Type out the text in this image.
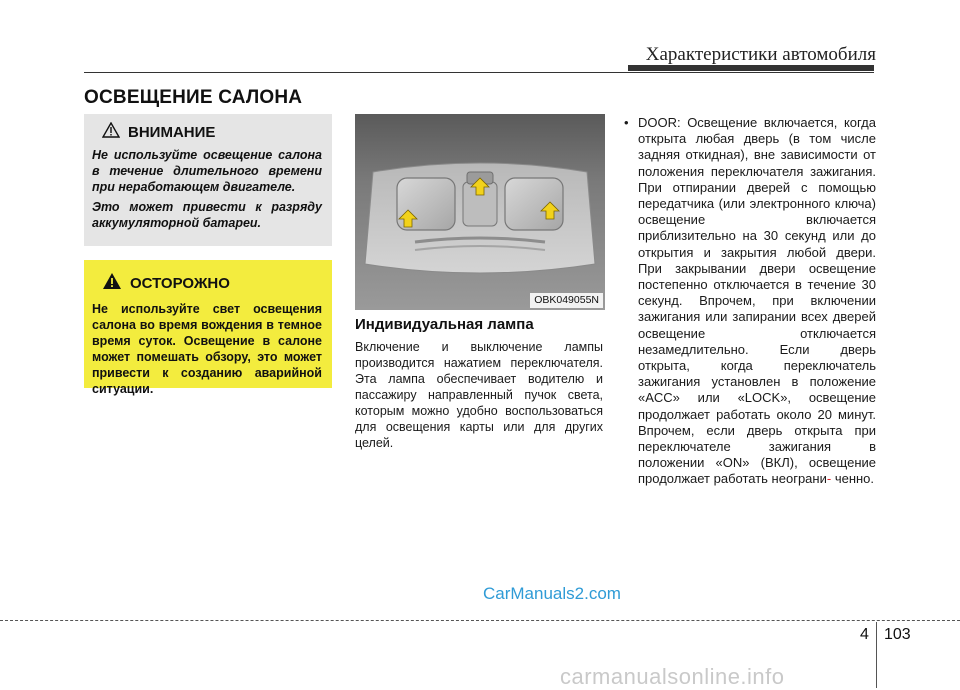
Характеристики автомобиля
ОСВЕЩЕНИЕ САЛОНА
ВНИМАНИЕ

Не используйте освещение салона в течение длительного времени при неработающем двигателе.

Это может привести к разряду аккумуляторной батареи.

ОСТОРОЖНО

Не используйте свет освещения салона во время вождения в темное время суток. Освещение в салоне может помешать обзору, это может привести к созданию аварийной ситуации.

OBK049055N
Индивидуальная лампа

Включение и выключение лампы производится нажатием переключателя. Эта лампа обеспечивает водителю и пассажиру направленный пучок света, которым можно удобно воспользоваться для освещения карты или для других целей.

• DOOR: Освещение включается, когда открыта любая дверь (в том числе задняя откидная), вне зависимости от положения переключателя зажигания. При отпирании дверей с помощью передатчика (или электронного ключа) освещение включается приблизительно на 30 секунд или до открытия и закрытия любой двери. При закрывании двери освещение постепенно отключается в течение 30 секунд. Впрочем, при включении зажигания или запирании всех дверей освещение отключается незамедлительно. Если дверь открыта, когда переключатель зажигания установлен в положение «ACC» или «LOCK», освещение продолжает работать около 20 минут. Впрочем, если дверь открыта при переключателе зажигания в положении «ON» (ВКЛ), освещение продолжает работать неограни- ченно.

CarManuals2.com
4 103
carmanualsonline.info
